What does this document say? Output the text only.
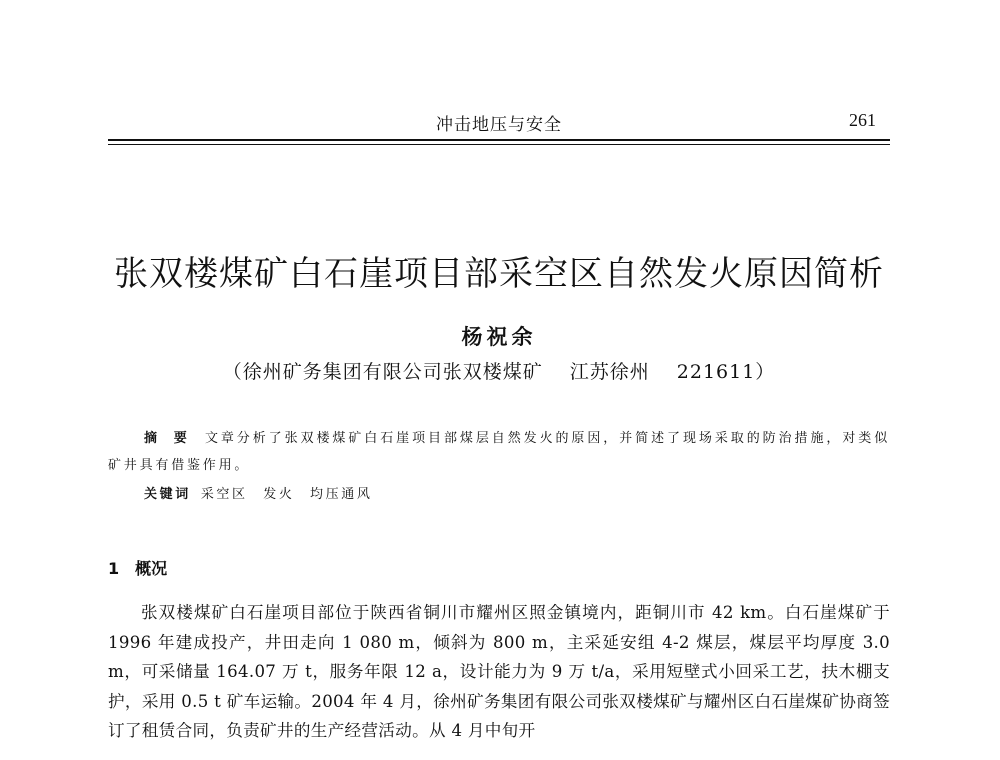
冲击地压与安全	261
张双楼煤矿白石崖项目部采空区自然发火原因简析
杨祝余
（徐州矿务集团有限公司张双楼煤矿　 江苏徐州　 221611）
摘 要 文章分析了张双楼煤矿白石崖项目部煤层自然发火的原因，并简述了现场采取的防治措施，对类似矿井具有借鉴作用。
关键词 采空区　发火　均压通风
1 概况
张双楼煤矿白石崖项目部位于陕西省铜川市耀州区照金镇境内，距铜川市 42 km。白石崖煤矿于 1996 年建成投产，井田走向 1 080 m，倾斜为 800 m，主采延安组 4-2 煤层，煤层平均厚度 3.0 m，可采储量 164.07 万 t，服务年限 12 a，设计能力为 9 万 t/a，采用短壁式小回采工艺，扶木棚支护，采用 0.5 t 矿车运输。2004 年 4 月，徐州矿务集团有限公司张双楼煤矿与耀州区白石崖煤矿协商签订了租赁合同，负责矿井的生产经营活动。从 4 月中旬开
